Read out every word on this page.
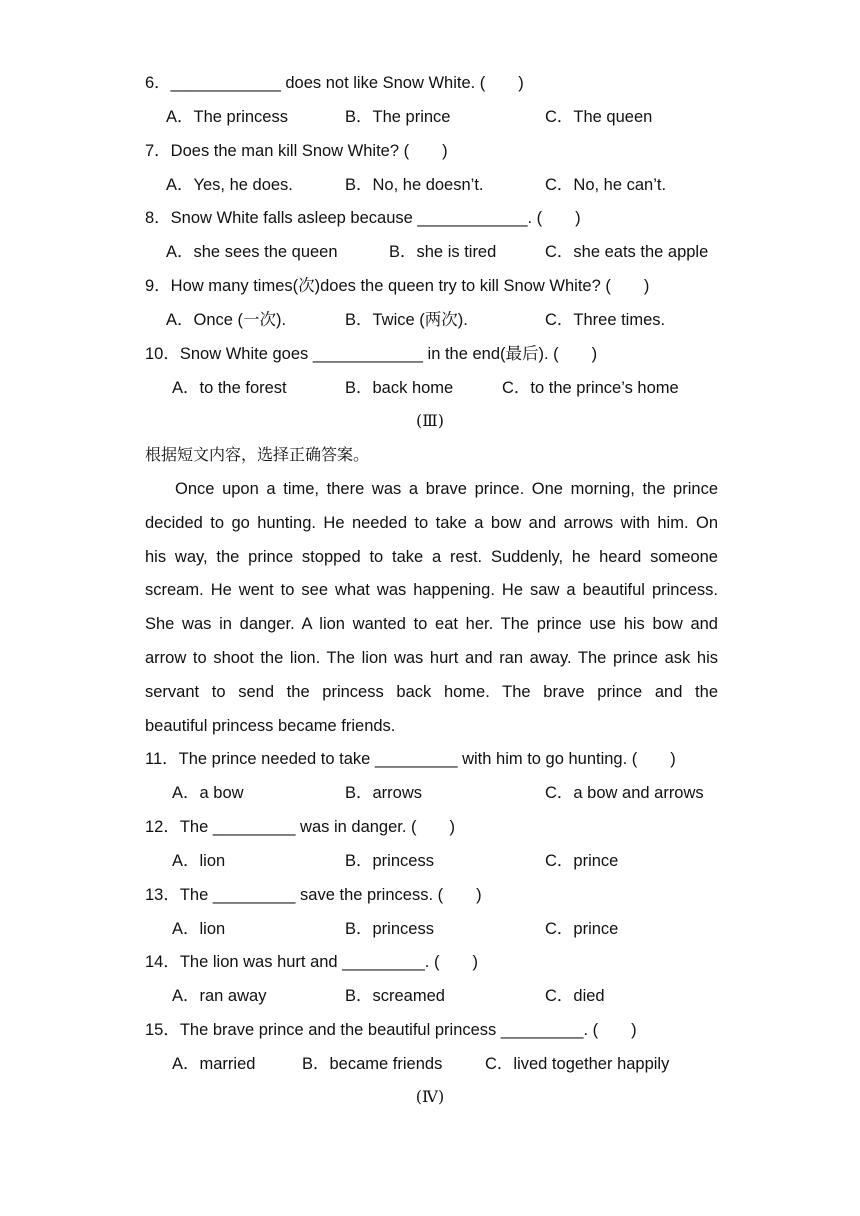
6．____________ does not like Snow White. (　　)
A．The princess	B．The prince	C．The queen
7．Does the man kill Snow White? (　　)
A．Yes, he does.	B．No, he doesn’t.	C．No, he can’t.
8．Snow White falls asleep because ____________. (　　)
A．she sees the queen	B．she is tired	C．she eats the apple
9．How many times(次)does the queen try to kill Snow White? (　　)
A．Once (一次).	B．Twice (两次).	C．Three times.
10．Snow White goes ____________ in the end(最后). (　　)
A．to the forest	B．back home	C．to the prince’s home
(Ⅲ)
根据短文内容，选择正确答案。
Once upon a time, there was a brave prince. One morning, the prince
decided to go hunting. He needed to take a bow and arrows with him. On
his way, the prince stopped to take a rest. Suddenly, he heard someone
scream. He went to see what was happening. He saw a beautiful princess.
She was in danger. A lion wanted to eat her. The prince use his bow and
arrow to shoot the lion. The lion was hurt and ran away. The prince ask his
servant to send the princess back home. The brave prince and the
beautiful princess became friends.
11．The prince needed to take _________ with him to go hunting. (　　)
A．a bow	B．arrows	C．a bow and arrows
12．The _________ was in danger. (　　)
A．lion	B．princess	C．prince
13．The _________ save the princess. (　　)
A．lion	B．princess	C．prince
14．The lion was hurt and _________. (　　)
A．ran away	B．screamed	C．died
15．The brave prince and the beautiful princess _________. (　　)
A．married	B．became friends	C．lived together happily
(Ⅳ)
